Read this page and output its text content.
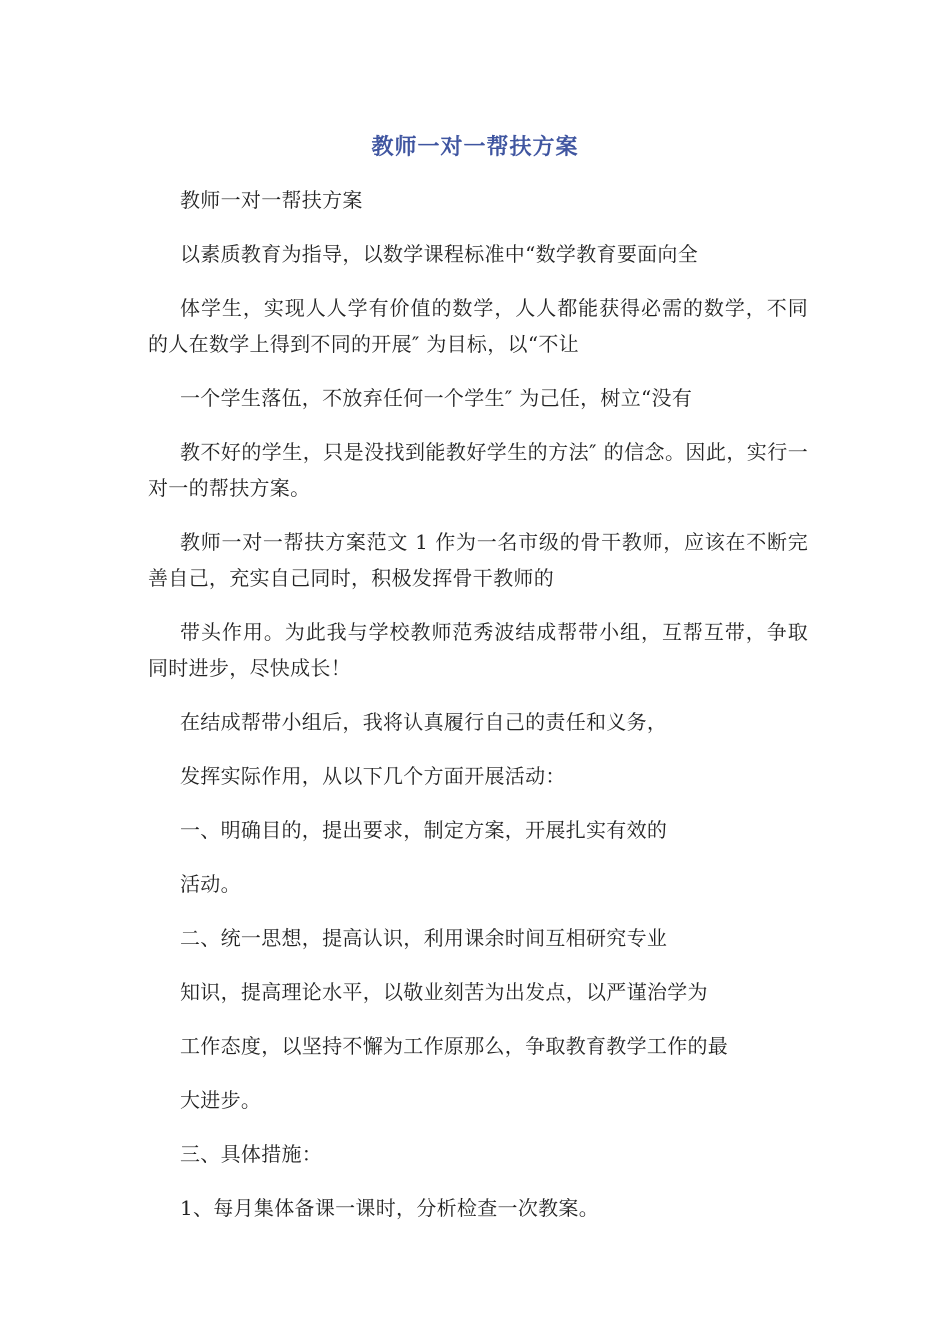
教师一对一帮扶方案

教师一对一帮扶方案

以素质教育为指导，以数学课程标准中“数学教育要面向全

体学生，实现人人学有价值的数学，人人都能获得必需的数学，不同的人在数学上得到不同的开展″ 为目标，以“不让

一个学生落伍，不放弃任何一个学生″ 为己任，树立“没有

教不好的学生，只是没找到能教好学生的方法″ 的信念。因此，实行一对一的帮扶方案。

教师一对一帮扶方案范文 1 作为一名市级的骨干教师，应该在不断完善自己，充实自己同时，积极发挥骨干教师的

带头作用。为此我与学校教师范秀波结成帮带小组，互帮互带，争取同时进步，尽快成长！

在结成帮带小组后，我将认真履行自己的责任和义务，

发挥实际作用，从以下几个方面开展活动：

一、明确目的，提出要求，制定方案，开展扎实有效的

活动。

二、统一思想，提高认识，利用课余时间互相研究专业

知识，提高理论水平，以敬业刻苦为出发点，以严谨治学为

工作态度，以坚持不懈为工作原那么，争取教育教学工作的最

大进步。

三、具体措施：

1、每月集体备课一课时，分析检查一次教案。
